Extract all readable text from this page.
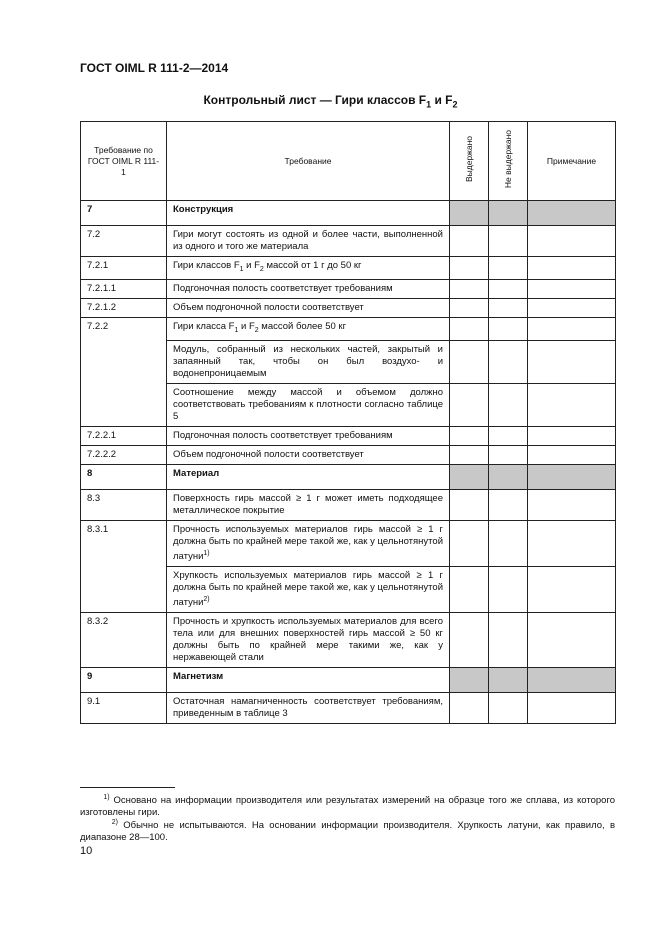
ГОСТ OIML R 111-2—2014
Контрольный лист — Гири классов $F_1$ и $F_2$
Требование по ГОСТ OIML R 111-1	Требование	Выдержано	Не выдержано	Примечание
7	Конструкция			
7.2	Гири могут состоять из одной и более части, выполненной из одного и того же материала			
7.2.1	Гири классов $F_1$ и $F_2$ массой от 1 г до 50 кг			
7.2.1.1	Подгоночная полость соответствует требованиям			
7.2.1.2	Объем подгоночной полости соответствует			
7.2.2	Гири класса $F_1$ и $F_2$ массой более 50 кг			
	Модуль, собранный из нескольких частей, закрытый и запаянный так, чтобы он был воздухо- и водонепроницаемым			
	Соотношение между массой и объемом должно соответствовать требованиям к плотности согласно таблице 5			
7.2.2.1	Подгоночная полость соответствует требованиям			
7.2.2.2	Объем подгоночной полости соответствует			
8	Материал			
8.3	Поверхность гирь массой ≥ 1 г может иметь подходящее металлическое покрытие			
8.3.1	Прочность используемых материалов гирь массой ≥ 1 г должна быть по крайней мере такой же, как у цельнотянутой латуни$^{1)}$			
	Хрупкость используемых материалов гирь массой ≥ 1 г должна быть по крайней мере такой же, как у цельнотянутой латуни$^{2)}$			
8.3.2	Прочность и хрупкость используемых материалов для всего тела или для внешних поверхностей гирь массой ≥ 50 кг должны быть по крайней мере такими же, как у нержавеющей стали			
9	Магнетизм			
9.1	Остаточная намагниченность соответствует требованиям, приведенным в таблице 3			
$^{1)}$ Основано на информации производителя или результатах измерений на образце того же сплава, из которого изготовлены гири.
$^{2)}$ Обычно не испытываются. На основании информации производителя. Хрупкость латуни, как правило, в диапазоне 28—100.
10
